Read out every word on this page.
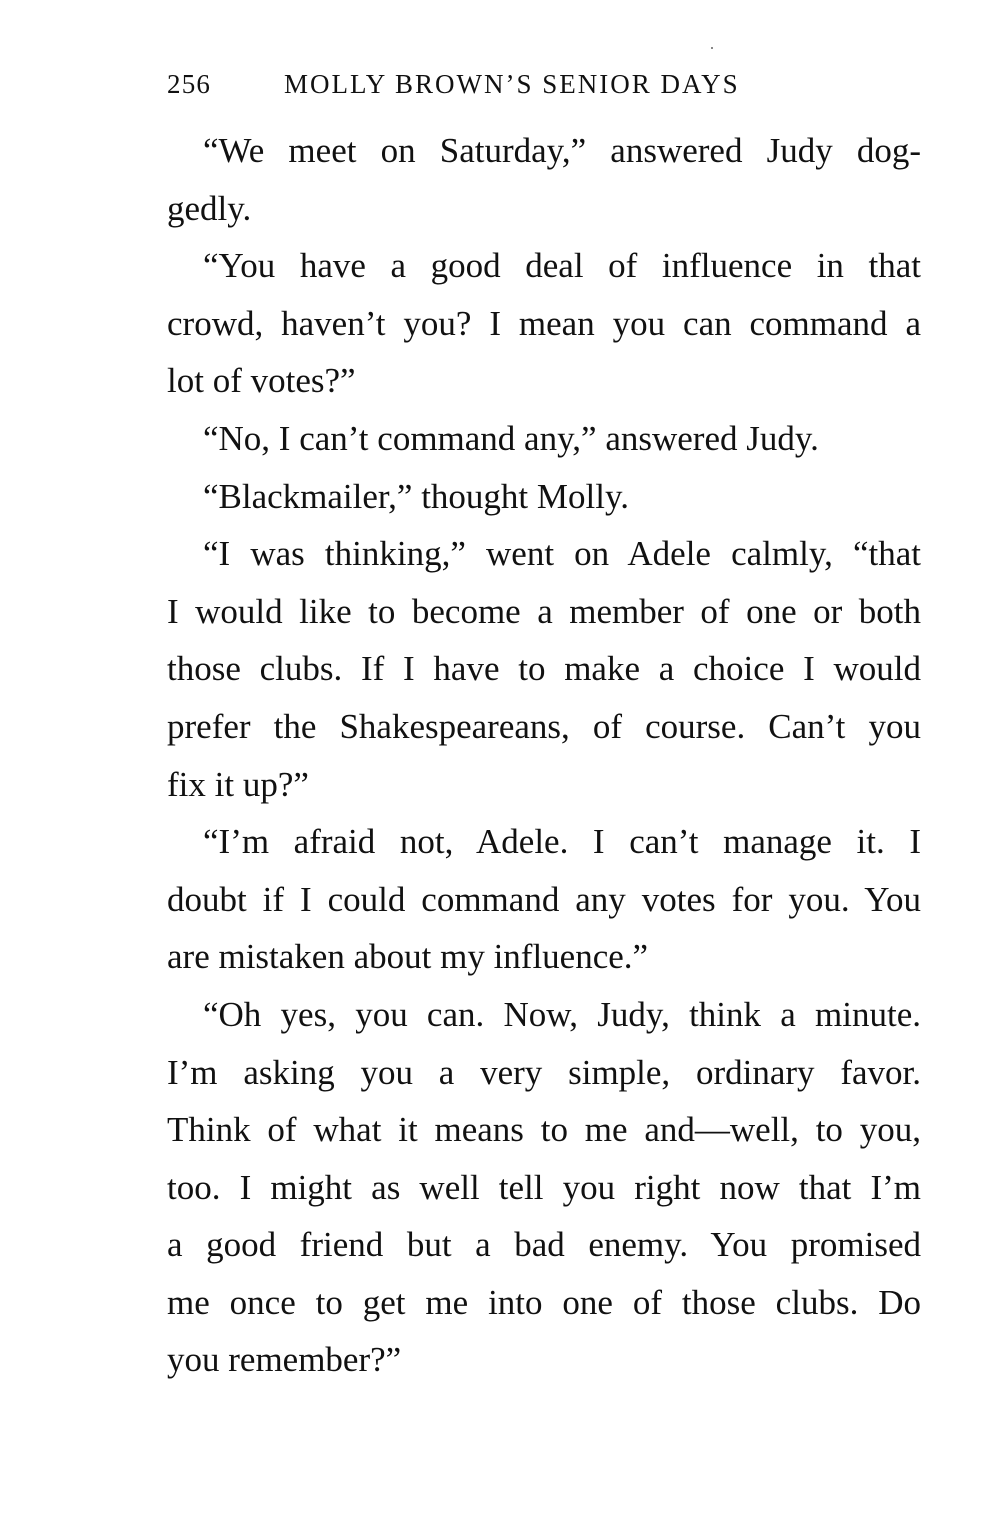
256	MOLLY BROWN’S SENIOR DAYS
“We meet on Saturday,” answered Judy dog-
gedly.
“You have a good deal of influence in that
crowd, haven’t you? I mean you can command a
lot of votes?”
“No, I can’t command any,” answered Judy.
“Blackmailer,” thought Molly.
“I was thinking,” went on Adele calmly, “that
I would like to become a member of one or both
those clubs. If I have to make a choice I would
prefer the Shakespeareans, of course. Can’t you
fix it up?”
“I’m afraid not, Adele. I can’t manage it. I
doubt if I could command any votes for you. You
are mistaken about my influence.”
“Oh yes, you can. Now, Judy, think a minute.
I’m asking you a very simple, ordinary favor.
Think of what it means to me and—well, to you,
too. I might as well tell you right now that I’m
a good friend but a bad enemy. You promised
me once to get me into one of those clubs. Do
you remember?”
